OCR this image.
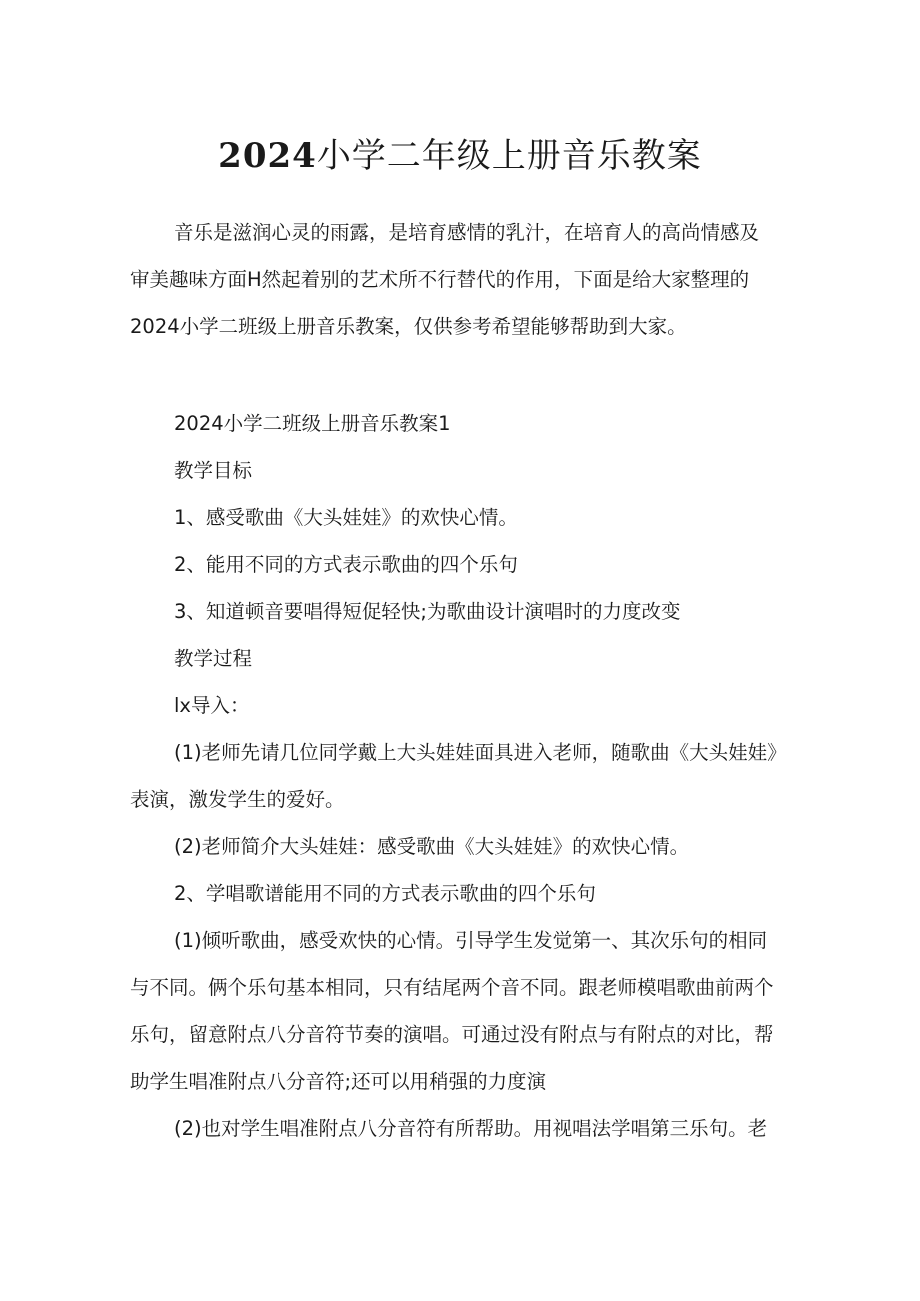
2024小学二年级上册音乐教案
音乐是滋润心灵的雨露，是培育感情的乳汁，在培育人的高尚情感及
审美趣味方面H然起着别的艺术所不行替代的作用，下面是给大家整理的
2024小学二班级上册音乐教案，仅供参考希望能够帮助到大家。
2024小学二班级上册音乐教案1
教学目标
1、感受歌曲《大头娃娃》的欢快心情。
2、能用不同的方式表示歌曲的四个乐句
3、知道顿音要唱得短促轻快;为歌曲设计演唱时的力度改变
教学过程
lx导入：
(1)老师先请几位同学戴上大头娃娃面具进入老师，随歌曲《大头娃娃》
表演，激发学生的爱好。
(2)老师简介大头娃娃：感受歌曲《大头娃娃》的欢快心情。
2、学唱歌谱能用不同的方式表示歌曲的四个乐句
(1)倾听歌曲，感受欢快的心情。引导学生发觉第一、其次乐句的相同
与不同。俩个乐句基本相同，只有结尾两个音不同。跟老师模唱歌曲前两个
乐句，留意附点八分音符节奏的演唱。可通过没有附点与有附点的对比，帮
助学生唱准附点八分音符;还可以用稍强的力度演
(2)也对学生唱准附点八分音符有所帮助。用视唱法学唱第三乐句。老
